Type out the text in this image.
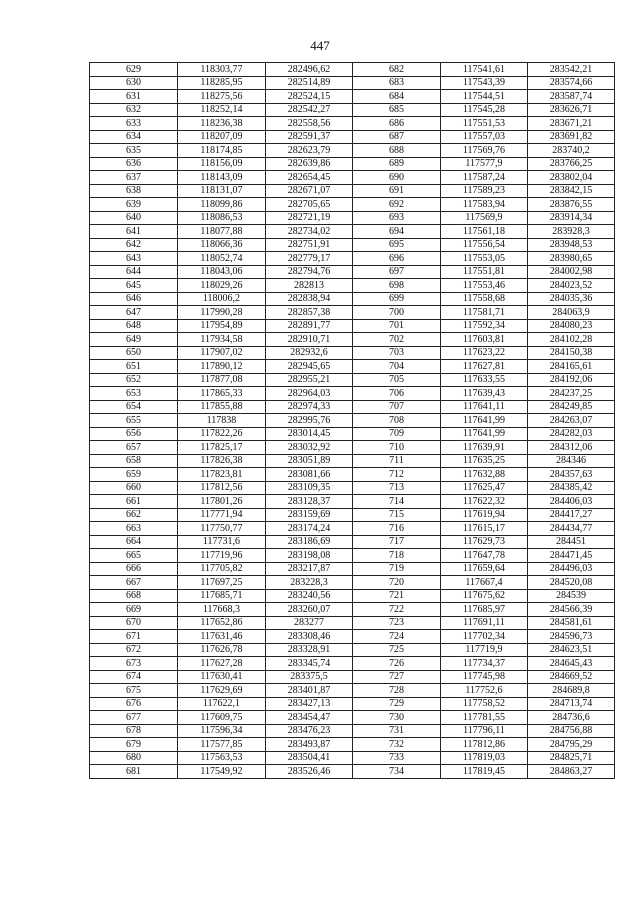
447
629	118303,77	282496,62	682	117541,61	283542,21
630	118285,95	282514,89	683	117543,39	283574,66
631	118275,56	282524,15	684	117544,51	283587,74
632	118252,14	282542,27	685	117545,28	283626,71
633	118236,38	282558,56	686	117551,53	283671,21
634	118207,09	282591,37	687	117557,03	283691,82
635	118174,85	282623,79	688	117569,76	283740,2
636	118156,09	282639,86	689	117577,9	283766,25
637	118143,09	282654,45	690	117587,24	283802,04
638	118131,07	282671,07	691	117589,23	283842,15
639	118099,86	282705,65	692	117583,94	283876,55
640	118086,53	282721,19	693	117569,9	283914,34
641	118077,88	282734,02	694	117561,18	283928,3
642	118066,36	282751,91	695	117556,54	283948,53
643	118052,74	282779,17	696	117553,05	283980,65
644	118043,06	282794,76	697	117551,81	284002,98
645	118029,26	282813	698	117553,46	284023,52
646	118006,2	282838,94	699	117558,68	284035,36
647	117990,28	282857,38	700	117581,71	284063,9
648	117954,89	282891,77	701	117592,34	284080,23
649	117934,58	282910,71	702	117603,81	284102,28
650	117907,02	282932,6	703	117623,22	284150,38
651	117890,12	282945,65	704	117627,81	284165,61
652	117877,08	282955,21	705	117633,55	284192,06
653	117865,33	282964,03	706	117639,43	284237,25
654	117855,88	282974,33	707	117641,11	284249,85
655	117838	282995,76	708	117641,99	284263,07
656	117822,26	283014,45	709	117641,99	284282,03
657	117825,17	283032,92	710	117639,91	284312,06
658	117826,38	283051,89	711	117635,25	284346
659	117823,81	283081,66	712	117632,88	284357,63
660	117812,56	283109,35	713	117625,47	284385,42
661	117801,26	283128,37	714	117622,32	284406,03
662	117771,94	283159,69	715	117619,94	284417,27
663	117750,77	283174,24	716	117615,17	284434,77
664	117731,6	283186,69	717	117629,73	284451
665	117719,96	283198,08	718	117647,78	284471,45
666	117705,82	283217,87	719	117659,64	284496,03
667	117697,25	283228,3	720	117667,4	284520,08
668	117685,71	283240,56	721	117675,62	284539
669	117668,3	283260,07	722	117685,97	284566,39
670	117652,86	283277	723	117691,11	284581,61
671	117631,46	283308,46	724	117702,34	284596,73
672	117626,78	283328,91	725	117719,9	284623,51
673	117627,28	283345,74	726	117734,37	284645,43
674	117630,41	283375,5	727	117745,98	284669,52
675	117629,69	283401,87	728	117752,6	284689,8
676	117622,1	283427,13	729	117758,52	284713,74
677	117609,75	283454,47	730	117781,55	284736,6
678	117596,34	283476,23	731	117796,11	284756,88
679	117577,85	283493,87	732	117812,86	284795,29
680	117563,53	283504,41	733	117819,03	284825,71
681	117549,92	283526,46	734	117819,45	284863,27
